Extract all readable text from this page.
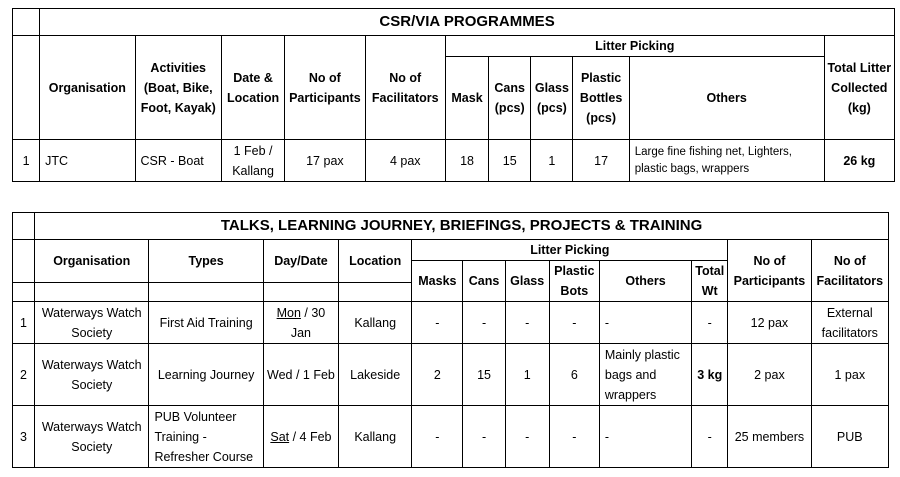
	CSR/VIA PROGRAMMES										
	Organisation	Activities (Boat, Bike, Foot, Kayak)	Date & Location	No of Participants	No of Facilitators	Litter Picking					Total Litter Collected (kg)
						Mask	Cans (pcs)	Glass (pcs)	Plastic Bottles (pcs)	Others	
1	JTC	CSR - Boat	1 Feb / Kallang	17 pax	4 pax	18	15	1	17	Large fine fishing net, Lighters, plastic bags, wrappers	26 kg
	TALKS, LEARNING JOURNEY, BRIEFINGS, PROJECTS & TRAINING											
	Organisation	Types	Day/Date	Location	Litter Picking						No of Participants	No of Facilitators
					Masks	Cans	Glass	Plastic Bots	Others	Total Wt		

1	Waterways Watch Society	First Aid Training	Mon / 30 Jan	Kallang	-	-	-	-	-	-	12 pax	External facilitators
2	Waterways Watch Society	Learning Journey	Wed / 1 Feb	Lakeside	2	15	1	6	Mainly plastic bags and wrappers	3 kg	2 pax	1 pax
3	Waterways Watch Society	PUB Volunteer Training - Refresher Course	Sat / 4 Feb	Kallang	-	-	-	-	-	-	25 members	PUB
